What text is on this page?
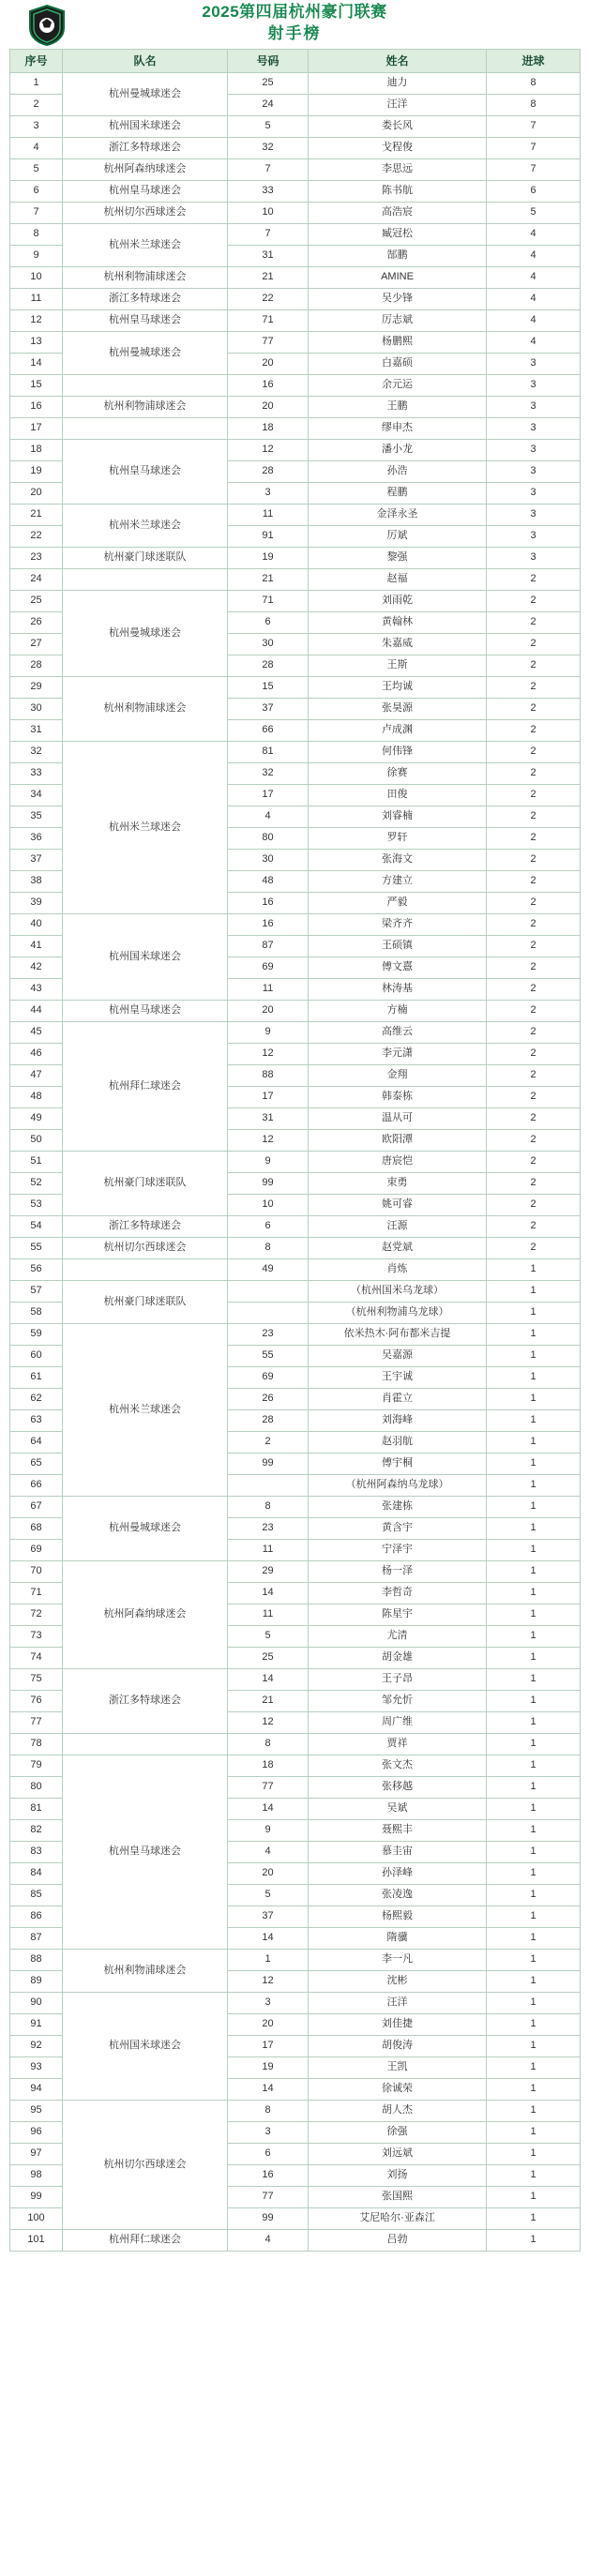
2025第四届杭州豪门联赛
射手榜
序号	队名	号码	姓名	进球
1	杭州曼城球迷会	25	迪力	8
2		24	汪洋	8
3	杭州国米球迷会	5	娄长风	7
4	浙江多特球迷会	32	戈程俊	7
5	杭州阿森纳球迷会	7	李思远	7
6	杭州皇马球迷会	33	陈书航	6
7	杭州切尔西球迷会	10	高浩宸	5
8	杭州米兰球迷会	7	臧冠松	4
9		31	郜鹏	4
10	杭州利物浦球迷会	21	AMINE	4
11	浙江多特球迷会	22	吴少锋	4
12	杭州皇马球迷会	71	厉志斌	4
13	杭州曼城球迷会	77	杨鹏熙	4
14		20	白嘉硕	3
15		16	余元运	3
16	杭州利物浦球迷会	20	王鹏	3
17		18	缪申杰	3
18	杭州皇马球迷会	12	潘小龙	3
19		28	孙浩	3
20		3	程鹏	3
21	杭州米兰球迷会	11	金泽永圣	3
22		91	厉斌	3
23	杭州豪门球迷联队	19	黎强	3
24		21	赵福	2
25	杭州曼城球迷会	71	刘雨乾	2
26		6	黄翰林	2
27		30	朱嘉威	2
28		28	王斯	2
29	杭州利物浦球迷会	15	王均诚	2
30		37	张昊源	2
31		66	卢成渊	2
32	杭州米兰球迷会	81	何伟锋	2
33		32	徐赛	2
34		17	田俊	2
35		4	刘睿楠	2
36		80	罗轩	2
37		30	张海文	2
38		48	方建立	2
39		16	严毅	2
40	杭州国米球迷会	16	梁齐齐	2
41		87	王硕镇	2
42		69	傅文憙	2
43		11	林涛基	2
44	杭州皇马球迷会	20	方楠	2
45	杭州拜仁球迷会	9	高维云	2
46		12	李元潇	2
47		88	金翔	2
48		17	韩泰栋	2
49		31	温从可	2
50		12	欧阳潭	2
51	杭州豪门球迷联队	9	唐宸恺	2
52		99	束勇	2
53		10	姚可睿	2
54	浙江多特球迷会	6	汪源	2
55	杭州切尔西球迷会	8	赵党斌	2
56		49	肖炼	1
57	杭州豪门球迷联队		（杭州国米乌龙球）	1
58			（杭州利物浦乌龙球）	1
59	杭州米兰球迷会	23	依米热木·阿布都米吉提	1
60		55	吴嘉源	1
61		69	王宇诚	1
62		26	肖霍立	1
63		28	刘海峰	1
64		2	赵羽航	1
65		99	傅宇桐	1
66			（杭州阿森纳乌龙球）	1
67	杭州曼城球迷会	8	张建栋	1
68		23	黄含宇	1
69		11	宁泽宇	1
70	杭州阿森纳球迷会	29	杨一泽	1
71		14	李哲奇	1
72		11	陈星宇	1
73		5	尤清	1
74		25	胡金雄	1
75	浙江多特球迷会	14	王子昂	1
76		21	邹允忻	1
77		12	周广维	1
78		8	贾祥	1
79	杭州皇马球迷会	18	张文杰	1
80		77	张移越	1
81		14	吴斌	1
82		9	聂熙丰	1
83		4	慕圭宙	1
84		20	孙泽峰	1
85		5	张凌逸	1
86		37	杨熙毅	1
87		14	隋骥	1
88	杭州利物浦球迷会	1	李一凡	1
89		12	沈彬	1
90	杭州国米球迷会	3	汪洋	1
91		20	刘佳捷	1
92		17	胡俊涛	1
93		19	王凯	1
94		14	徐诚荣	1
95	杭州切尔西球迷会	8	胡人杰	1
96		3	徐强	1
97		6	刘远斌	1
98		16	刘扬	1
99		77	张国熙	1
100		99	艾尼哈尔·亚森江	1
101	杭州拜仁球迷会	4	吕勃	1
